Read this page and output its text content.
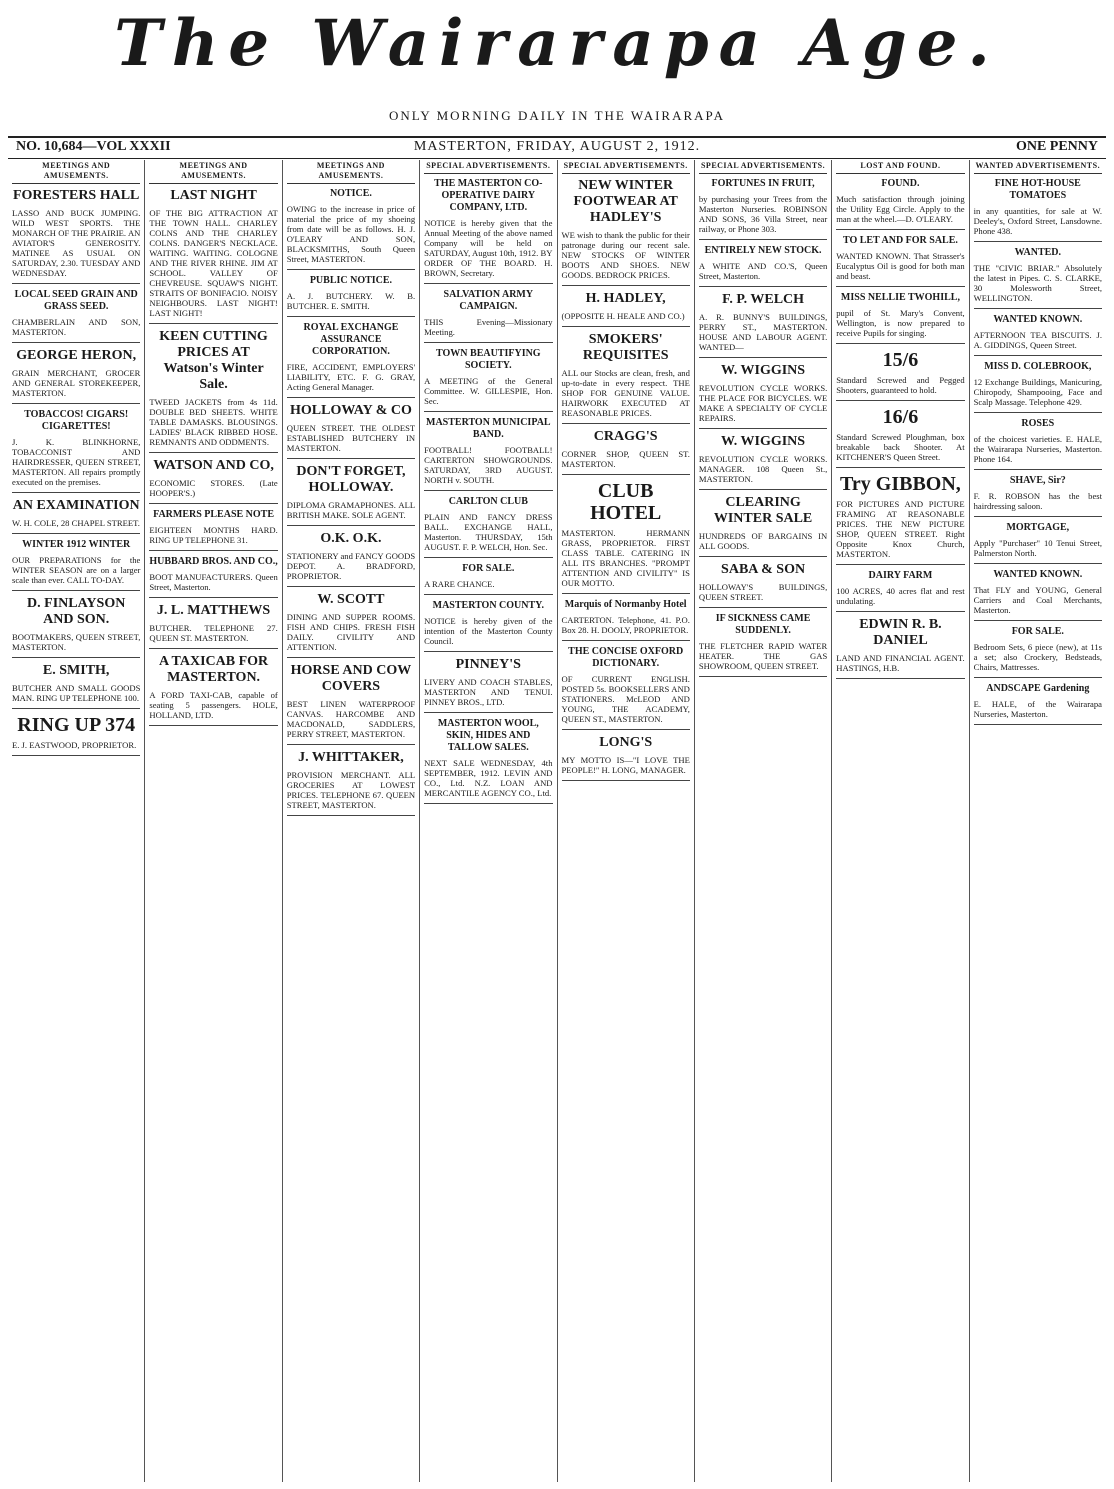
The Wairarapa Age.
ONLY MORNING DAILY IN THE WAIRARAPA
NO. 10,684—VOL XXXII	MASTERTON, FRIDAY, AUGUST 2, 1912.	ONE PENNY
MEETINGS AND AMUSEMENTS.
FORESTERS HALL
LASSO AND BUCK JUMPING. WILD WEST SPORTS. THE MONARCH OF THE PRAIRIE. AN AVIATOR'S GENEROSITY. MATINEE AS USUAL ON SATURDAY, 2.30. TUESDAY AND WEDNESDAY.
LOCAL SEED GRAIN AND GRASS SEED.
CHAMBERLAIN AND SON, MASTERTON.
GEORGE HERON,
GRAIN MERCHANT, GROCER AND GENERAL STOREKEEPER, MASTERTON.
TOBACCOS! CIGARS! CIGARETTES!
J. K. BLINKHORNE, TOBACCONIST AND HAIRDRESSER, QUEEN STREET, MASTERTON. All repairs promptly executed on the premises.
AN EXAMINATION
W. H. COLE, 28 CHAPEL STREET.
WINTER 1912 WINTER
OUR PREPARATIONS for the WINTER SEASON are on a larger scale than ever. CALL TO-DAY.
D. FINLAYSON AND SON.
BOOTMAKERS, QUEEN STREET, MASTERTON.
E. SMITH,
BUTCHER AND SMALL GOODS MAN. RING UP TELEPHONE 100.
RING UP 374
E. J. EASTWOOD, PROPRIETOR.
MEETINGS AND AMUSEMENTS.
LAST NIGHT
OF THE BIG ATTRACTION AT THE TOWN HALL. CHARLEY COLNS AND THE CHARLEY COLNS. DANGER'S NECKLACE. WAITING. WAITING. COLOGNE AND THE RIVER RHINE. JIM AT SCHOOL. VALLEY OF CHEVREUSE. SQUAW'S NIGHT. STRAITS OF BONIFACIO. NOISY NEIGHBOURS. LAST NIGHT! LAST NIGHT!
KEEN CUTTING PRICES AT Watson's Winter Sale.
TWEED JACKETS from 4s 11d. DOUBLE BED SHEETS. WHITE TABLE DAMASKS. BLOUSINGS. LADIES' BLACK RIBBED HOSE. REMNANTS AND ODDMENTS.
WATSON AND CO,
ECONOMIC STORES. (Late HOOPER'S.)
FARMERS PLEASE NOTE
EIGHTEEN MONTHS HARD. RING UP TELEPHONE 31.
HUBBARD BROS. AND CO.,
BOOT MANUFACTURERS. Queen Street, Masterton.
J. L. MATTHEWS
BUTCHER. TELEPHONE 27. QUEEN ST. MASTERTON.
A TAXICAB FOR MASTERTON.
A FORD TAXI-CAB, capable of seating 5 passengers. HOLE, HOLLAND, LTD.
MEETINGS AND AMUSEMENTS.
NOTICE.
OWING to the increase in price of material the price of my shoeing from date will be as follows. H. J. O'LEARY AND SON, BLACKSMITHS, South Queen Street, MASTERTON.
PUBLIC NOTICE.
A. J. BUTCHERY. W. B. BUTCHER. E. SMITH.
ROYAL EXCHANGE ASSURANCE CORPORATION.
FIRE, ACCIDENT, EMPLOYERS' LIABILITY, ETC. F. G. GRAY, Acting General Manager.
HOLLOWAY & CO
QUEEN STREET. THE OLDEST ESTABLISHED BUTCHERY IN MASTERTON.
DON'T FORGET, HOLLOWAY.
DIPLOMA GRAMAPHONES. ALL BRITISH MAKE. SOLE AGENT.
O.K. O.K.
STATIONERY and FANCY GOODS DEPOT. A. BRADFORD, PROPRIETOR.
W. SCOTT
DINING AND SUPPER ROOMS. FISH AND CHIPS. FRESH FISH DAILY. CIVILITY AND ATTENTION.
HORSE AND COW COVERS
BEST LINEN WATERPROOF CANVAS. HARCOMBE AND MACDONALD, SADDLERS, PERRY STREET, MASTERTON.
J. WHITTAKER,
PROVISION MERCHANT. ALL GROCERIES AT LOWEST PRICES. TELEPHONE 67. QUEEN STREET, MASTERTON.
SPECIAL ADVERTISEMENTS.
THE MASTERTON CO-OPERATIVE DAIRY COMPANY, LTD.
NOTICE is hereby given that the Annual Meeting of the above named Company will be held on SATURDAY, August 10th, 1912. BY ORDER OF THE BOARD. H. BROWN, Secretary.
SALVATION ARMY CAMPAIGN.
THIS Evening—Missionary Meeting.
TOWN BEAUTIFYING SOCIETY.
A MEETING of the General Committee. W. GILLESPIE, Hon. Sec.
MASTERTON MUNICIPAL BAND.
FOOTBALL! FOOTBALL! CARTERTON SHOWGROUNDS. SATURDAY, 3RD AUGUST. NORTH v. SOUTH.
CARLTON CLUB
PLAIN AND FANCY DRESS BALL. EXCHANGE HALL, Masterton. THURSDAY, 15th AUGUST. F. P. WELCH, Hon. Sec.
FOR SALE.
A RARE CHANCE.
MASTERTON COUNTY.
NOTICE is hereby given of the intention of the Masterton County Council.
PINNEY'S
LIVERY AND COACH STABLES, MASTERTON AND TENUI. PINNEY BROS., LTD.
MASTERTON WOOL, SKIN, HIDES AND TALLOW SALES.
NEXT SALE WEDNESDAY, 4th SEPTEMBER, 1912. LEVIN AND CO., Ltd. N.Z. LOAN AND MERCANTILE AGENCY CO., Ltd.
SPECIAL ADVERTISEMENTS.
NEW WINTER FOOTWEAR AT HADLEY'S
WE wish to thank the public for their patronage during our recent sale. NEW STOCKS OF WINTER BOOTS AND SHOES. NEW GOODS. BEDROCK PRICES.
H. HADLEY,
(OPPOSITE H. HEALE AND CO.)
SMOKERS' REQUISITES
ALL our Stocks are clean, fresh, and up-to-date in every respect. THE SHOP FOR GENUINE VALUE. HAIRWORK EXECUTED AT REASONABLE PRICES.
CRAGG'S
CORNER SHOP, QUEEN ST. MASTERTON.
CLUB HOTEL
MASTERTON. HERMANN GRASS, PROPRIETOR. FIRST CLASS TABLE. CATERING IN ALL ITS BRANCHES. "PROMPT ATTENTION AND CIVILITY" IS OUR MOTTO.
Marquis of Normanby Hotel
CARTERTON. Telephone, 41. P.O. Box 28. H. DOOLY, PROPRIETOR.
THE CONCISE OXFORD DICTIONARY.
OF CURRENT ENGLISH. POSTED 5s. BOOKSELLERS AND STATIONERS. McLEOD AND YOUNG, THE ACADEMY, QUEEN ST., MASTERTON.
LONG'S
MY MOTTO IS—"I LOVE THE PEOPLE!" H. LONG, MANAGER.
SPECIAL ADVERTISEMENTS.
FORTUNES IN FRUIT,
by purchasing your Trees from the Masterton Nurseries. ROBINSON AND SONS, 36 Villa Street, near railway, or Phone 303.
ENTIRELY NEW STOCK.
A WHITE AND CO.'S, Queen Street, Masterton.
F. P. WELCH
A. R. BUNNY'S BUILDINGS, PERRY ST., MASTERTON. HOUSE AND LABOUR AGENT. WANTED—
W. WIGGINS
REVOLUTION CYCLE WORKS. THE PLACE FOR BICYCLES. WE MAKE A SPECIALTY OF CYCLE REPAIRS.
W. WIGGINS
REVOLUTION CYCLE WORKS. MANAGER. 108 Queen St., MASTERTON.
CLEARING WINTER SALE
HUNDREDS OF BARGAINS IN ALL GOODS.
SABA & SON
HOLLOWAY'S BUILDINGS, QUEEN STREET.
IF SICKNESS CAME SUDDENLY.
THE FLETCHER RAPID WATER HEATER. THE GAS SHOWROOM, QUEEN STREET.
LOST AND FOUND.
FOUND.
Much satisfaction through joining the Utility Egg Circle. Apply to the man at the wheel.—D. O'LEARY.
TO LET AND FOR SALE.
WANTED KNOWN. That Strasser's Eucalyptus Oil is good for both man and beast.
MISS NELLIE TWOHILL,
pupil of St. Mary's Convent, Wellington, is now prepared to receive Pupils for singing.
15/6
Standard Screwed and Pegged Shooters, guaranteed to hold.
16/6
Standard Screwed Ploughman, box breakable back Shooter. At KITCHENER'S Queen Street.
Try GIBBON,
FOR PICTURES AND PICTURE FRAMING AT REASONABLE PRICES. THE NEW PICTURE SHOP, QUEEN STREET. Right Opposite Knox Church, MASTERTON.
DAIRY FARM
100 ACRES, 40 acres flat and rest undulating.
EDWIN R. B. DANIEL
LAND AND FINANCIAL AGENT. HASTINGS, H.B.
WANTED ADVERTISEMENTS.
FINE HOT-HOUSE TOMATOES
in any quantities, for sale at W. Deeley's, Oxford Street, Lansdowne. Phone 438.
WANTED.
THE "CIVIC BRIAR." Absolutely the latest in Pipes. C. S. CLARKE, 30 Molesworth Street, WELLINGTON.
WANTED KNOWN.
AFTERNOON TEA BISCUITS. J. A. GIDDINGS, Queen Street.
MISS D. COLEBROOK,
12 Exchange Buildings, Manicuring, Chiropody, Shampooing, Face and Scalp Massage. Telephone 429.
ROSES
of the choicest varieties. E. HALE, the Wairarapa Nurseries, Masterton. Phone 164.
SHAVE, Sir?
F. R. ROBSON has the best hairdressing saloon.
MORTGAGE,
Apply "Purchaser" 10 Tenui Street, Palmerston North.
WANTED KNOWN.
That FLY and YOUNG, General Carriers and Coal Merchants, Masterton.
FOR SALE.
Bedroom Sets, 6 piece (new), at 11s a set; also Crockery, Bedsteads, Chairs, Mattresses.
ANDSCAPE Gardening
E. HALE, of the Wairarapa Nurseries, Masterton.
